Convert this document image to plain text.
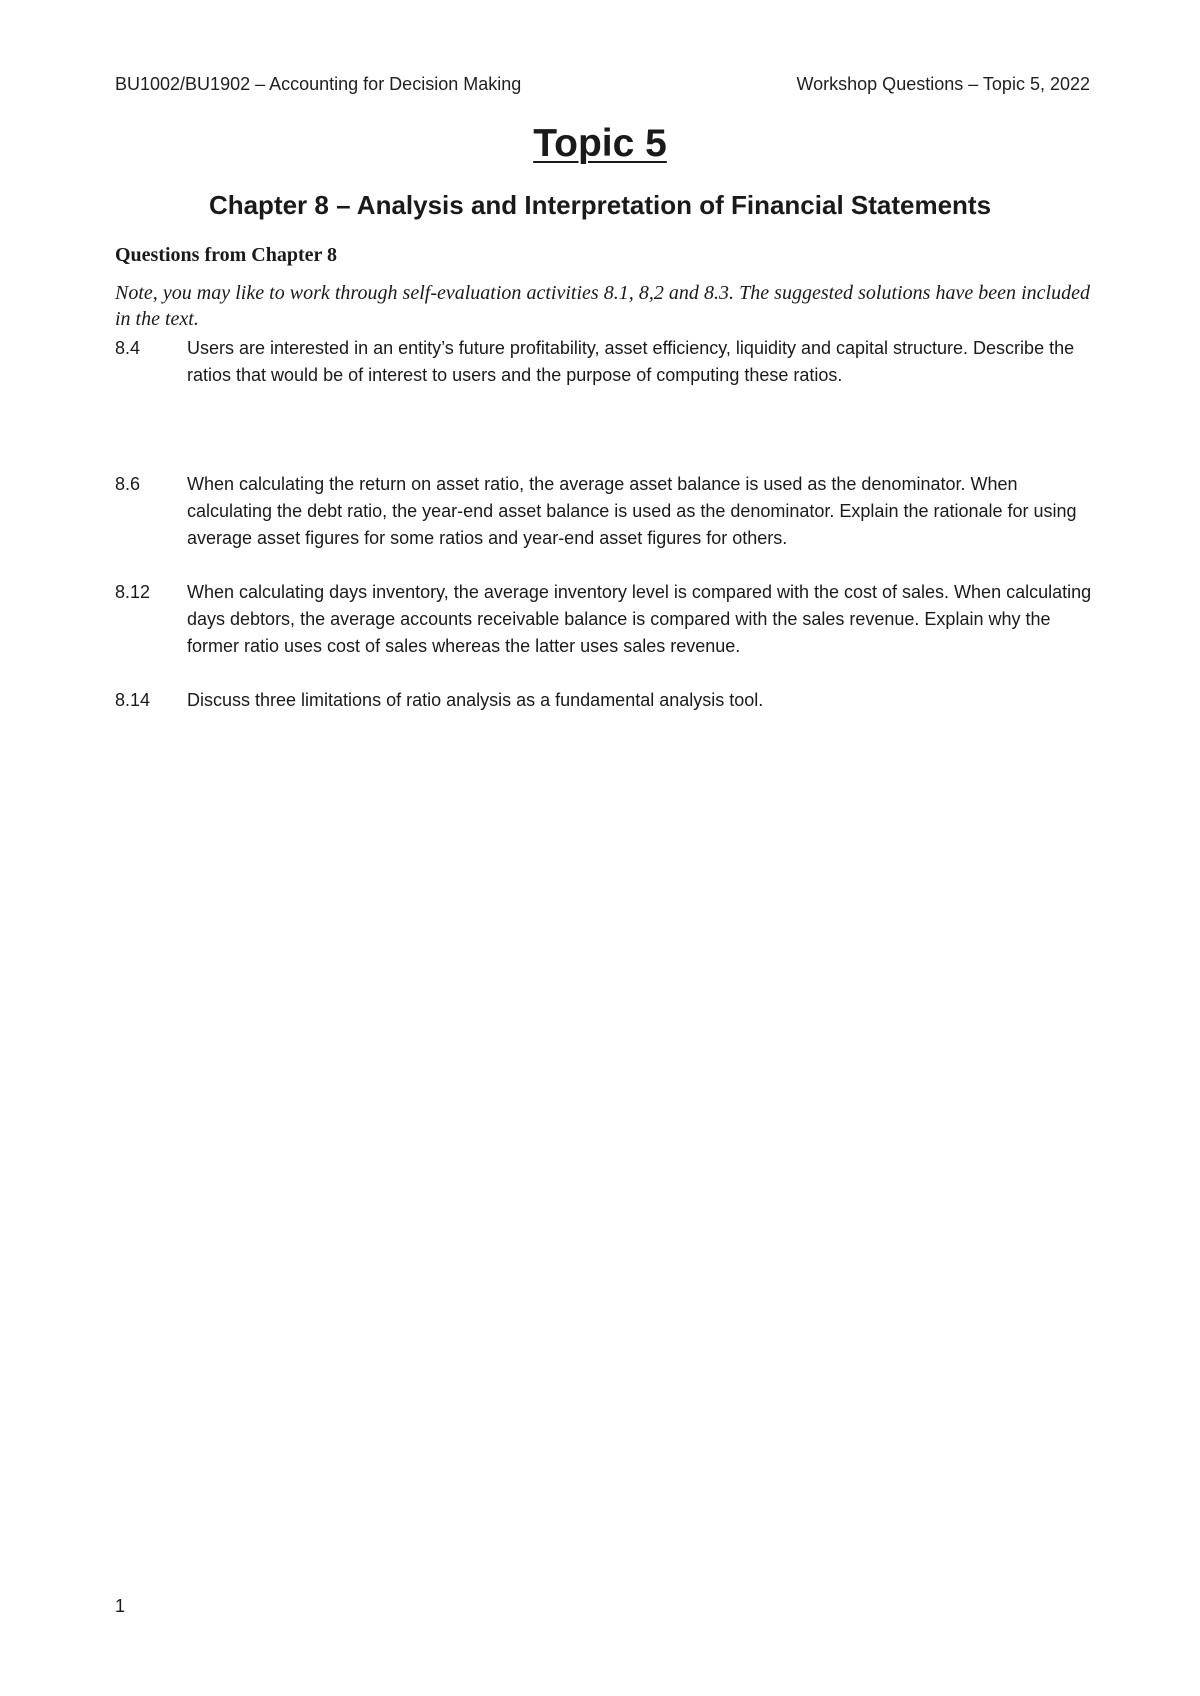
BU1002/BU1902 – Accounting for Decision Making	Workshop Questions – Topic 5, 2022
Topic 5
Chapter 8 – Analysis and Interpretation of Financial Statements
Questions from Chapter 8
Note, you may like to work through self-evaluation activities 8.1, 8,2 and 8.3. The suggested solutions have been included in the text.
8.4	Users are interested in an entity’s future profitability, asset efficiency, liquidity and capital structure. Describe the ratios that would be of interest to users and the purpose of computing these ratios.
8.6	When calculating the return on asset ratio, the average asset balance is used as the denominator. When calculating the debt ratio, the year-end asset balance is used as the denominator. Explain the rationale for using average asset figures for some ratios and year-end asset figures for others.
8.12	When calculating days inventory, the average inventory level is compared with the cost of sales. When calculating days debtors, the average accounts receivable balance is compared with the sales revenue. Explain why the former ratio uses cost of sales whereas the latter uses sales revenue.
8.14	Discuss three limitations of ratio analysis as a fundamental analysis tool.
1
